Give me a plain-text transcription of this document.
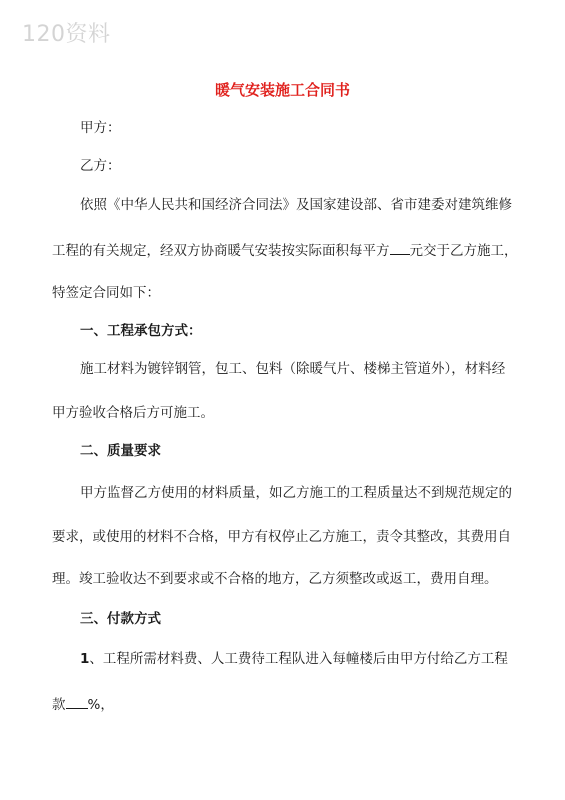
120资料
暖气安装施工合同书
甲方：
乙方：
依照《中华人民共和国经济合同法》及国家建设部、省市建委对建筑维修
工程的有关规定，经双方协商暖气安装按实际面积每平方 元交于乙方施工，
特签定合同如下：
一、工程承包方式：
施工材料为镀锌钢管，包工、包料（除暖气片、楼梯主管道外），材料经
甲方验收合格后方可施工。
二、质量要求
甲方监督乙方使用的材料质量，如乙方施工的工程质量达不到规范规定的
要求，或使用的材料不合格，甲方有权停止乙方施工，责令其整改，其费用自
理。竣工验收达不到要求或不合格的地方，乙方须整改或返工，费用自理。
三、付款方式
1、工程所需材料费、人工费待工程队进入每幢楼后由甲方付给乙方工程
款 %，
